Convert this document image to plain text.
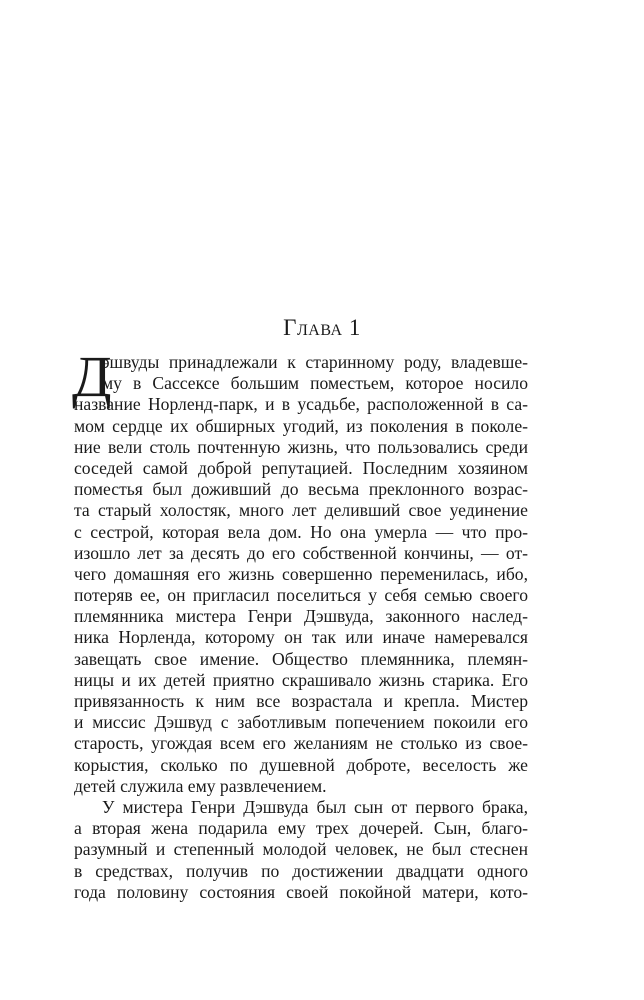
Глава 1
Д
эшвуды принадлежали к старинному роду, владевше-
му в Сассексе большим поместьем, которое носило
название Норленд-парк, и в усадьбе, расположенной в са-
мом сердце их обширных угодий, из поколения в поколе-
ние вели столь почтенную жизнь, что пользовались среди
соседей самой доброй репутацией. Последним хозяином
поместья был доживший до весьма преклонного возрас-
та старый холостяк, много лет деливший свое уединение
с сестрой, которая вела дом. Но она умерла — что про-
изошло лет за десять до его собственной кончины, — от-
чего домашняя его жизнь совершенно переменилась, ибо,
потеряв ее, он пригласил поселиться у себя семью своего
племянника мистера Генри Дэшвуда, законного наслед-
ника Норленда, которому он так или иначе намеревался
завещать свое имение. Общество племянника, племян-
ницы и их детей приятно скрашивало жизнь старика. Его
привязанность к ним все возрастала и крепла. Мистер
и миссис Дэшвуд с заботливым попечением покоили его
старость, угождая всем его желаниям не столько из свое-
корыстия, сколько по душевной доброте, веселость же
детей служила ему развлечением.
У мистера Генри Дэшвуда был сын от первого брака,
а вторая жена подарила ему трех дочерей. Сын, благо-
разумный и степенный молодой человек, не был стеснен
в средствах, получив по достижении двадцати одного
года половину состояния своей покойной матери, кото-
